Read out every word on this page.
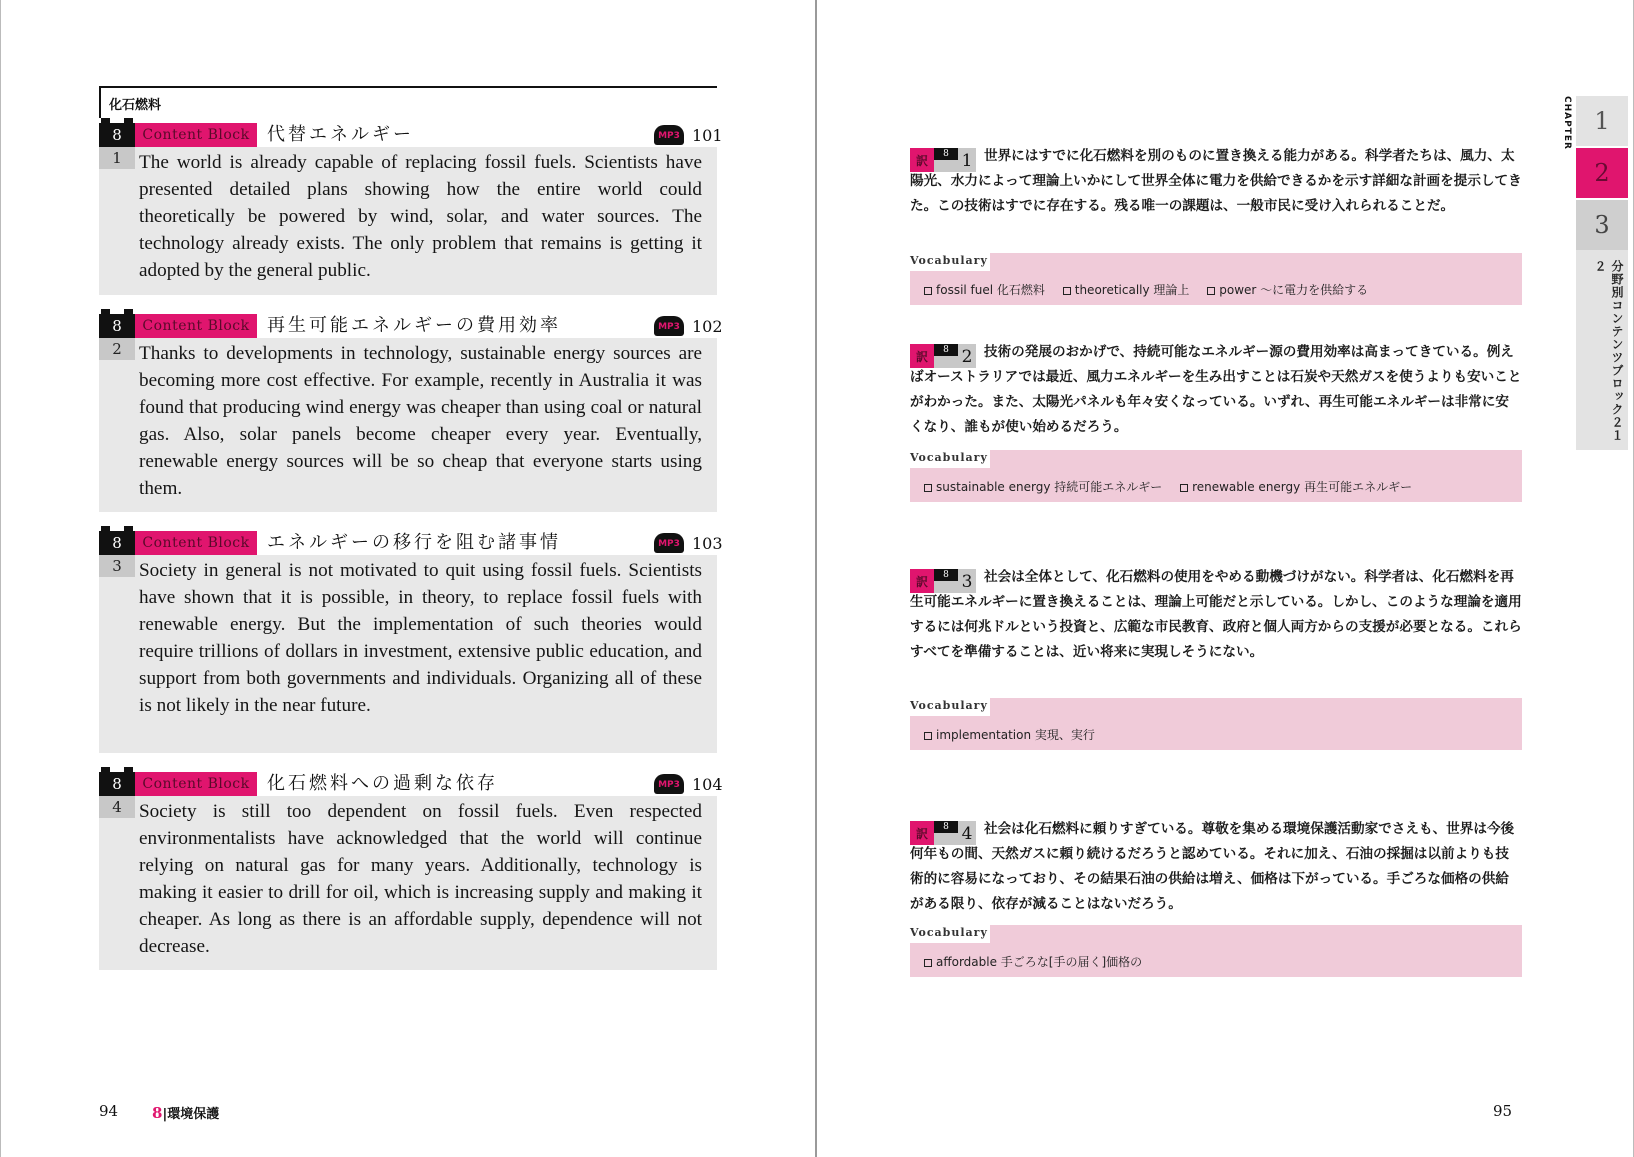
化石燃料
8	Content Block 代替エネルギー	MP3 101
1 The world is already capable of replacing fossil fuels. Scientists have presented detailed plans showing how the entire world could theoretically be powered by wind, solar, and water sources. The technology already exists. The only problem that remains is getting it adopted by the general public.
8	Content Block 再生可能エネルギーの費用効率	MP3 102
2 Thanks to developments in technology, sustainable energy sources are becoming more cost effective. For example, recently in Australia it was found that producing wind energy was cheaper than using coal or natural gas. Also, solar panels become cheaper every year. Eventually, renewable energy sources will be so cheap that everyone starts using them.
8	Content Block エネルギーの移行を阻む諸事情	MP3 103
3 Society in general is not motivated to quit using fossil fuels. Scientists have shown that it is possible, in theory, to replace fossil fuels with renewable energy. But the implementation of such theories would require trillions of dollars in investment, extensive public education, and support from both governments and individuals. Organizing all of these is not likely in the near future.
8	Content Block 化石燃料への過剰な依存	MP3 104
4 Society is still too dependent on fossil fuels. Even respected environmentalists have acknowledged that the world will continue relying on natural gas for many years. Additionally, technology is making it easier to drill for oil, which is increasing supply and making it cheaper. As long as there is an affordable supply, dependence will not decrease.
94 8|環境保護
世界にはすでに化石燃料を別のものに置き換える能力がある。科学者たちは、風力、太陽光、水力によって理論上いかにして世界全体に電力を供給できるかを示す詳細な計画を提示してきた。この技術はすでに存在する。残る唯一の課題は、一般市民に受け入れられることだ。
訳	8 1
Vocabulary
fossil fuel 化石燃料 theoretically 理論上 power ～に電力を供給する
技術の発展のおかげで、持続可能なエネルギー源の費用効率は高まってきている。例えばオーストラリアでは最近、風力エネルギーを生み出すことは石炭や天然ガスを使うよりも安いことがわかった。また、太陽光パネルも年々安くなっている。いずれ、再生可能エネルギーは非常に安くなり、誰もが使い始めるだろう。
訳	8 2
Vocabulary
sustainable energy 持続可能エネルギー renewable energy 再生可能エネルギー
社会は全体として、化石燃料の使用をやめる動機づけがない。科学者は、化石燃料を再生可能エネルギーに置き換えることは、理論上可能だと示している。しかし、このような理論を適用するには何兆ドルという投資と、広範な市民教育、政府と個人両方からの支援が必要となる。これらすべてを準備することは、近い将来に実現しそうにない。
訳	8 3
Vocabulary
implementation 実現、実行
社会は化石燃料に頼りすぎている。尊敬を集める環境保護活動家でさえも、世界は今後何年もの間、天然ガスに頼り続けるだろうと認めている。それに加え、石油の採掘は以前よりも技術的に容易になっており、その結果石油の供給は増え、価格は下がっている。手ごろな価格の供給がある限り、依存が減ることはないだろう。
訳	8 4
Vocabulary
affordable 手ごろな[手の届く]価格の
CHAPTER 1
2
3
分野別コンテンツブロック２１２
95
